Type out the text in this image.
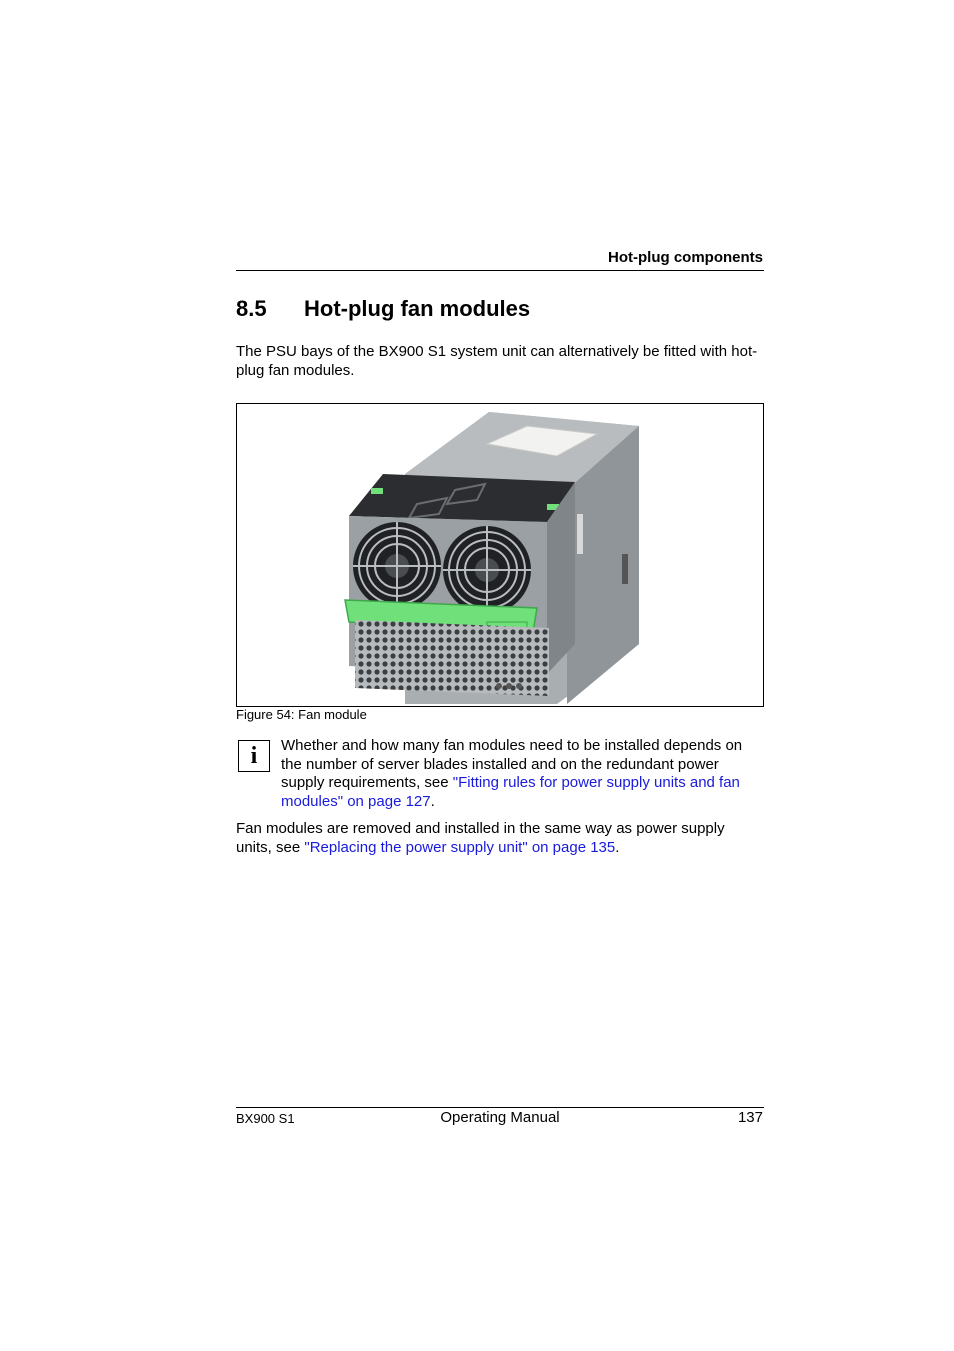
Hot-plug components
8.5 Hot-plug fan modules
The PSU bays of the BX900 S1 system unit can alternatively be fitted with hot-plug fan modules.
Figure 54: Fan module
i	Whether and how many fan modules need to be installed depends on the number of server blades installed and on the redundant power supply requirements, see "Fitting rules for power supply units and fan modules" on page 127.
Fan modules are removed and installed in the same way as power supply units, see "Replacing the power supply unit" on page 135.
BX900 S1	Operating Manual	137
